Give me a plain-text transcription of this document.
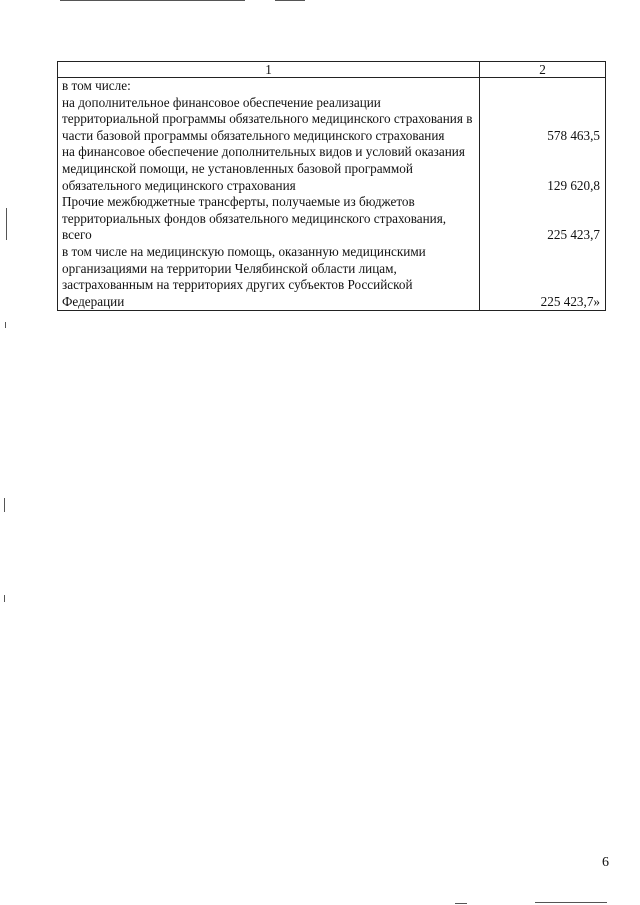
1	2
в том числе:	
на дополнительное финансовое обеспечение реализации территориальной программы обязательного медицинского страхования в части базовой программы обязательного медицинского страхования	578 463,5
на финансовое обеспечение дополнительных видов и условий оказания медицинской помощи, не установленных базовой программой обязательного медицинского страхования	129 620,8
Прочие межбюджетные трансферты, получаемые из бюджетов территориальных фондов обязательного медицинского страхования, всего	225 423,7
в том числе на медицинскую помощь, оказанную медицинскими организациями на территории Челябинской области лицам, застрахованным на территориях других субъектов Российской Федерации	225 423,7»
6
